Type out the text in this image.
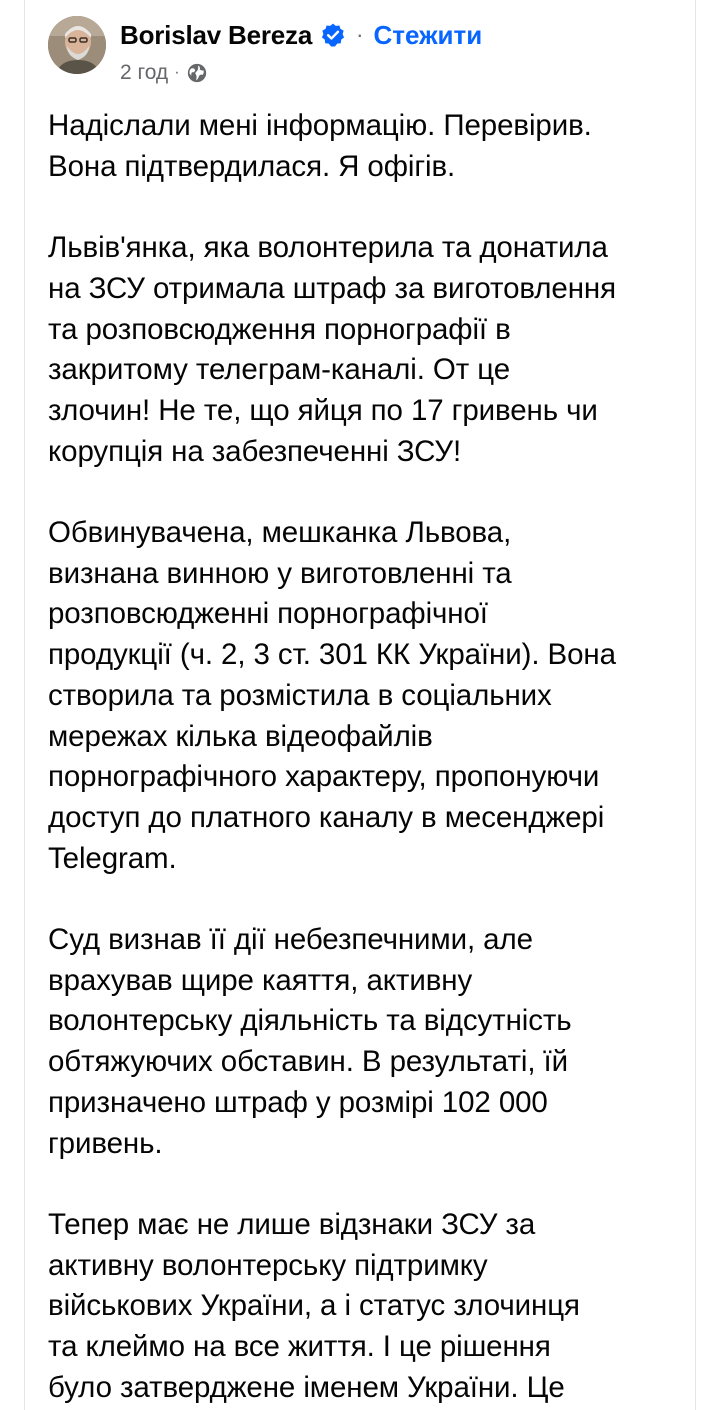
Borislav Bereza · Стежити
2 год ·

Надіслали мені інформацію. Перевірив.
Вона підтвердилася. Я офігів.

Львів'янка, яка волонтерила та донатила
на ЗСУ отримала штраф за виготовлення
та розповсюдження порнографії в
закритому телеграм-каналі. От це
злочин! Не те, що яйця по 17 гривень чи
корупція на забезпеченні ЗСУ!

Обвинувачена, мешканка Львова,
визнана винною у виготовленні та
розповсюдженні порнографічної
продукції (ч. 2, 3 ст. 301 КК України). Вона
створила та розмістила в соціальних
мережах кілька відеофайлів
порнографічного характеру, пропонуючи
доступ до платного каналу в месенджері
Telegram.

Суд визнав її дії небезпечними, але
врахував щире каяття, активну
волонтерську діяльність та відсутність
обтяжуючих обставин. В результаті, їй
призначено штраф у розмірі 102 000
гривень.

Тепер має не лише відзнаки ЗСУ за
активну волонтерську підтримку
військових України, а і статус злочинця
та клеймо на все життя. І це рішення
було затверджене іменем України. Це
